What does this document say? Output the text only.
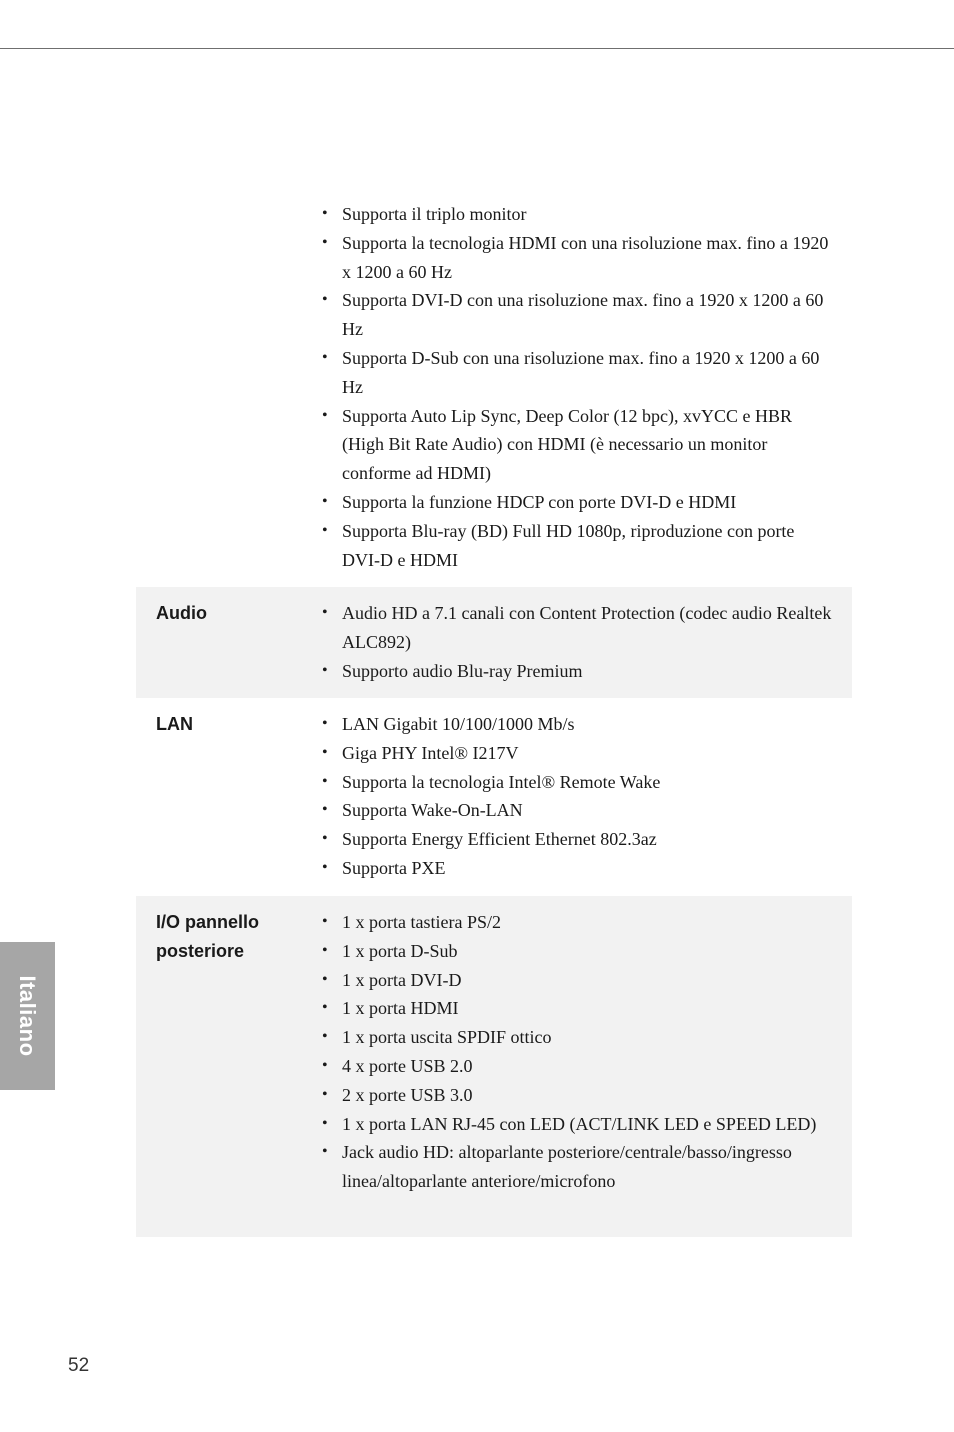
Italiano
• Supporta il triplo monitor
• Supporta la tecnologia HDMI con una risoluzione max. fino a 1920 x 1200 a 60 Hz
• Supporta DVI-D con una risoluzione max. fino a 1920 x 1200 a 60 Hz
• Supporta D-Sub con una risoluzione max. fino a 1920 x 1200 a 60 Hz
• Supporta Auto Lip Sync, Deep Color (12 bpc), xvYCC e HBR (High Bit Rate Audio) con HDMI (è necessario un monitor conforme ad HDMI)
• Supporta la funzione HDCP con porte DVI-D e HDMI
• Supporta Blu-ray (BD) Full HD 1080p, riproduzione con porte DVI-D e HDMI
Audio	• Audio HD a 7.1 canali con Content Protection (codec audio Realtek ALC892)
• Supporto audio Blu-ray Premium
LAN	• LAN Gigabit 10/100/1000 Mb/s
• Giga PHY Intel® I217V
• Supporta la tecnologia Intel® Remote Wake
• Supporta Wake-On-LAN
• Supporta Energy Efficient Ethernet 802.3az
• Supporta PXE
I/O pannello posteriore
• 1 x porta tastiera PS/2
• 1 x porta D-Sub
• 1 x porta DVI-D
• 1 x porta HDMI
• 1 x porta uscita SPDIF ottico
• 4 x porte USB 2.0
• 2 x porte USB 3.0
• 1 x porta LAN RJ-45 con LED (ACT/LINK LED e SPEED LED)
• Jack audio HD: altoparlante posteriore/centrale/basso/ingresso linea/altoparlante anteriore/microfono
52
